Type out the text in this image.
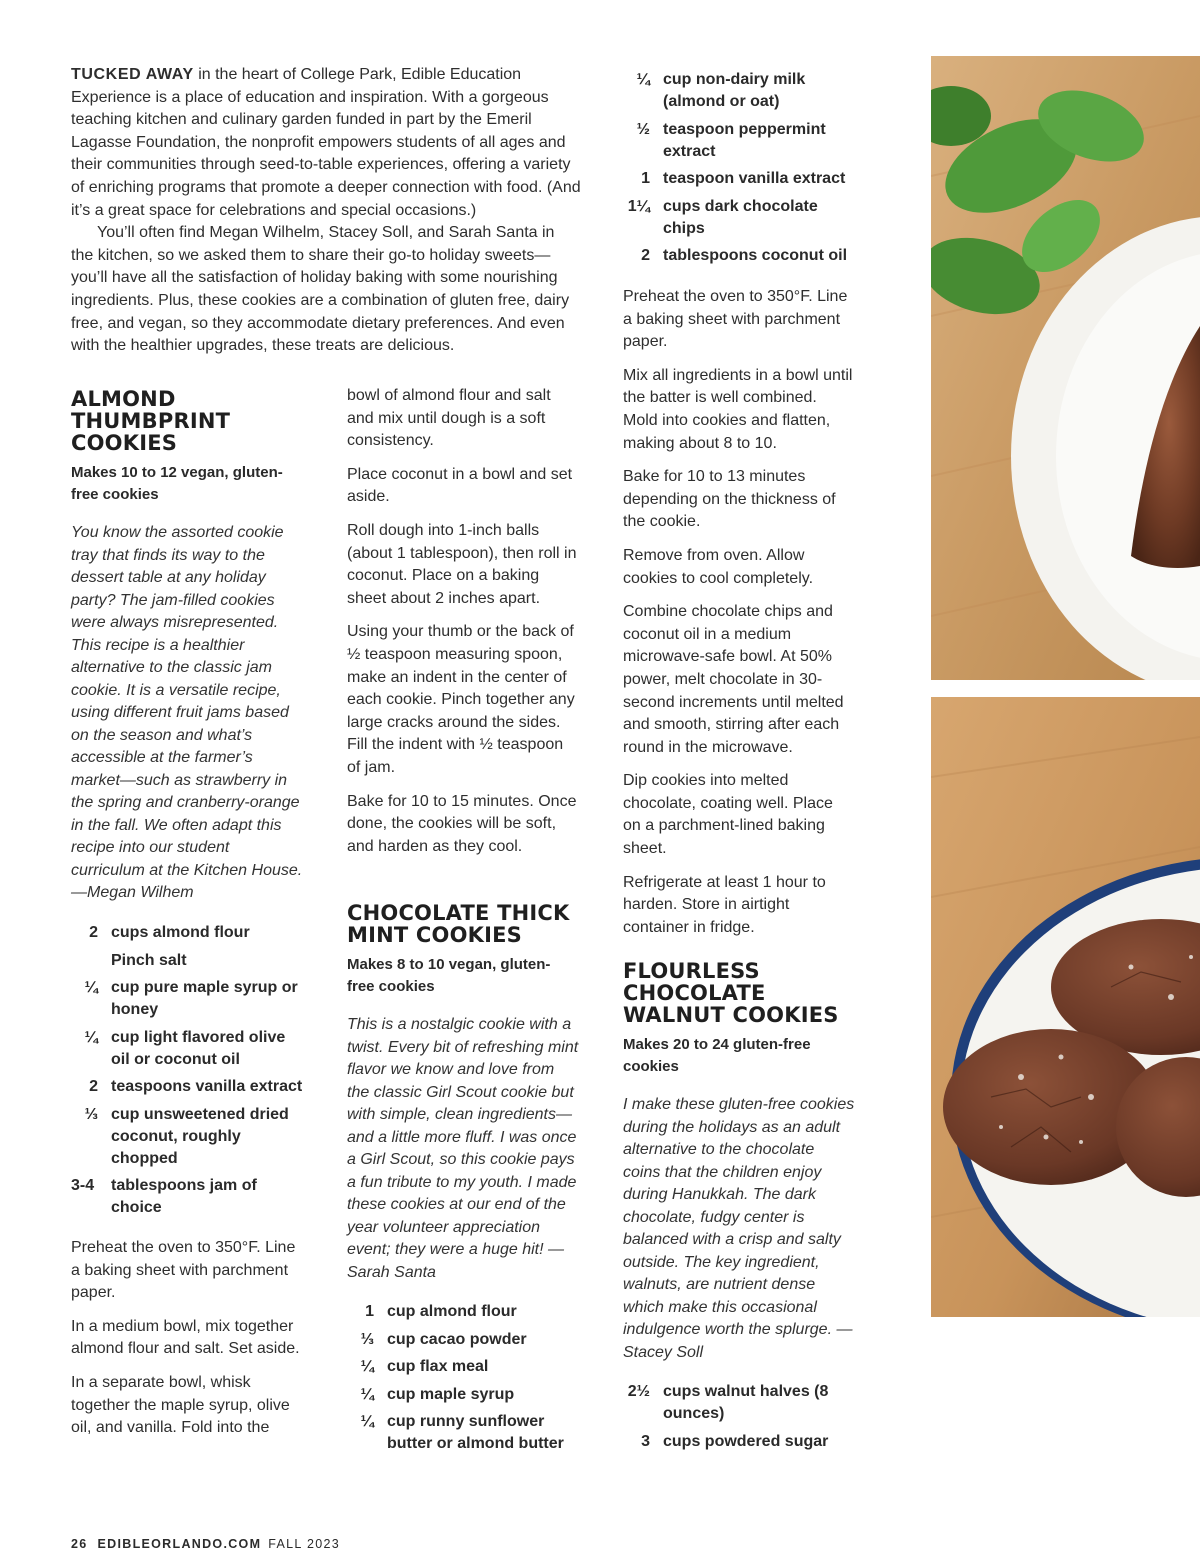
TUCKED AWAY in the heart of College Park, Edible Education Experience is a place of education and inspiration. With a gorgeous teaching kitchen and culinary garden funded in part by the Emeril Lagasse Foundation, the nonprofit empowers students of all ages and their communities through seed-to-table experiences, offering a variety of enriching programs that promote a deeper connection with food. (And it’s a great space for celebrations and special occasions.)

You’ll often find Megan Wilhelm, Stacey Soll, and Sarah Santa in the kitchen, so we asked them to share their go-to holiday sweets—you’ll have all the satisfaction of holiday baking with some nourishing ingredients. Plus, these cookies are a combination of gluten free, dairy free, and vegan, so they accommodate dietary preferences. And even with the healthier upgrades, these treats are delicious.

ALMOND
THUMBPRINT
COOKIES

Makes 10 to 12 vegan, gluten-free cookies

You know the assorted cookie tray that finds its way to the dessert table at any holiday party? The jam-filled cookies were always misrepresented. This recipe is a healthier alternative to the classic jam cookie. It is a versatile recipe, using different fruit jams based on the season and what’s accessible at the farmer’s market—such as strawberry in the spring and cranberry-orange in the fall. We often adapt this recipe into our student curriculum at the Kitchen House. —Megan Wilhem
2 cups almond flour
Pinch salt
¼ cup pure maple syrup or honey
¼ cup light flavored olive oil or coconut oil
2 teaspoons vanilla extract
⅓ cup unsweetened dried coconut, roughly chopped
3-4	tablespoons jam of choice

Preheat the oven to 350°F. Line a baking sheet with parchment paper.

In a medium bowl, mix together almond flour and salt. Set aside.

In a separate bowl, whisk together the maple syrup, olive oil, and vanilla. Fold into the

bowl of almond flour and salt and mix until dough is a soft consistency.

Place coconut in a bowl and set aside.

Roll dough into 1-inch balls (about 1 tablespoon), then roll in coconut. Place on a baking sheet about 2 inches apart.

Using your thumb or the back of ½ teaspoon measuring spoon, make an indent in the center of each cookie. Pinch together any large cracks around the sides. Fill the indent with ½ teaspoon of jam.

Bake for 10 to 15 minutes. Once done, the cookies will be soft, and harden as they cool.

CHOCOLATE THICK
MINT COOKIES

Makes 8 to 10 vegan, gluten-free cookies

This is a nostalgic cookie with a twist. Every bit of refreshing mint flavor we know and love from the classic Girl Scout cookie but with simple, clean ingredients—and a little more fluff. I was once a Girl Scout, so this cookie pays a fun tribute to my youth. I made these cookies at our end of the year volunteer appreciation event; they were a huge hit! —Sarah Santa
1 cup almond flour
⅓ cup cacao powder
¼ cup flax meal
¼ cup maple syrup
¼ cup runny sunflower butter or almond butter
¼ cup non-dairy milk (almond or oat)
½ teaspoon peppermint extract
1 teaspoon vanilla extract
1¼ cups dark chocolate chips
2 tablespoons coconut oil

Preheat the oven to 350°F. Line a baking sheet with parchment paper.

Mix all ingredients in a bowl until the batter is well combined. Mold into cookies and flatten, making about 8 to 10.

Bake for 10 to 13 minutes depending on the thickness of the cookie.

Remove from oven. Allow cookies to cool completely.

Combine chocolate chips and coconut oil in a medium microwave-safe bowl. At 50% power, melt chocolate in 30-second increments until melted and smooth, stirring after each round in the microwave.

Dip cookies into melted chocolate, coating well. Place on a parchment-lined baking sheet.

Refrigerate at least 1 hour to harden. Store in airtight container in fridge.

FLOURLESS
CHOCOLATE
WALNUT COOKIES

Makes 20 to 24 gluten-free cookies

I make these gluten-free cookies during the holidays as an adult alternative to the chocolate coins that the children enjoy during Hanukkah. The dark chocolate, fudgy center is balanced with a crisp and salty outside. The key ingredient, walnuts, are nutrient dense which make this occasional indulgence worth the splurge. —Stacey Soll
2½ cups walnut halves (8 ounces)
3 cups powdered sugar
26 EDIBLEORLANDO.COM FALL 2023
